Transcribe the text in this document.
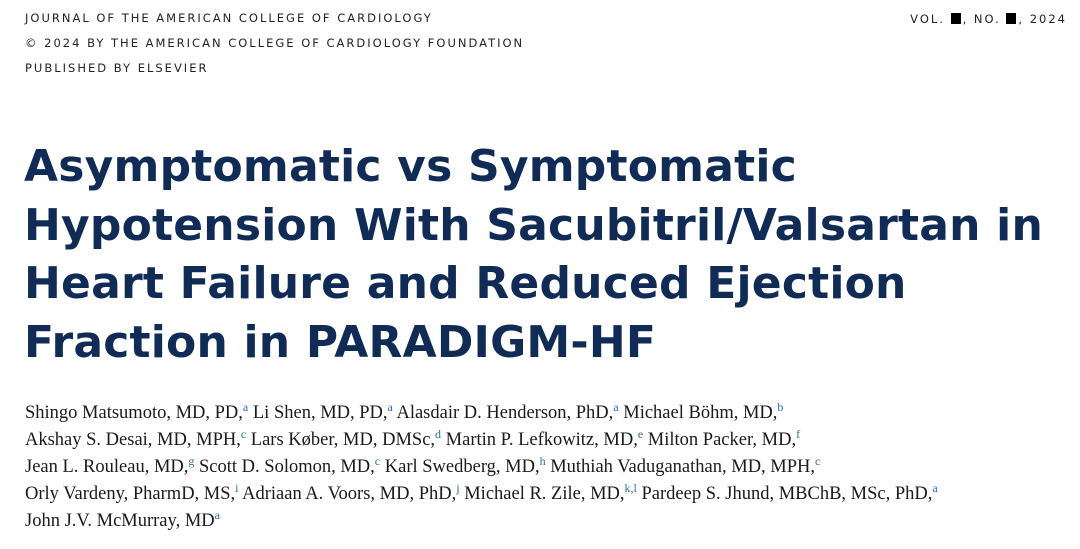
JOURNAL OF THE AMERICAN COLLEGE OF CARDIOLOGY
© 2024 BY THE AMERICAN COLLEGE OF CARDIOLOGY FOUNDATION
PUBLISHED BY ELSEVIER
VOL. , NO. , 2024
Asymptomatic vs Symptomatic
Hypotension With Sacubitril/Valsartan in
Heart Failure and Reduced Ejection
Fraction in PARADIGM-HF
Shingo Matsumoto, MD, PD,$^a$ Li Shen, MD, PD,$^a$ Alasdair D. Henderson, PhD,$^a$ Michael Böhm, MD,$^b$
Akshay S. Desai, MD, MPH,$^c$ Lars Køber, MD, DMSc,$^d$ Martin P. Lefkowitz, MD,$^e$ Milton Packer, MD,$^f$
Jean L. Rouleau, MD,$^g$ Scott D. Solomon, MD,$^c$ Karl Swedberg, MD,$^h$ Muthiah Vaduganathan, MD, MPH,$^c$
Orly Vardeny, PharmD, MS,$^i$ Adriaan A. Voors, MD, PhD,$^j$ Michael R. Zile, MD,$^{k,l}$ Pardeep S. Jhund, MBChB, MSc, PhD,$^a$
John J.V. McMurray, MD$^a$
